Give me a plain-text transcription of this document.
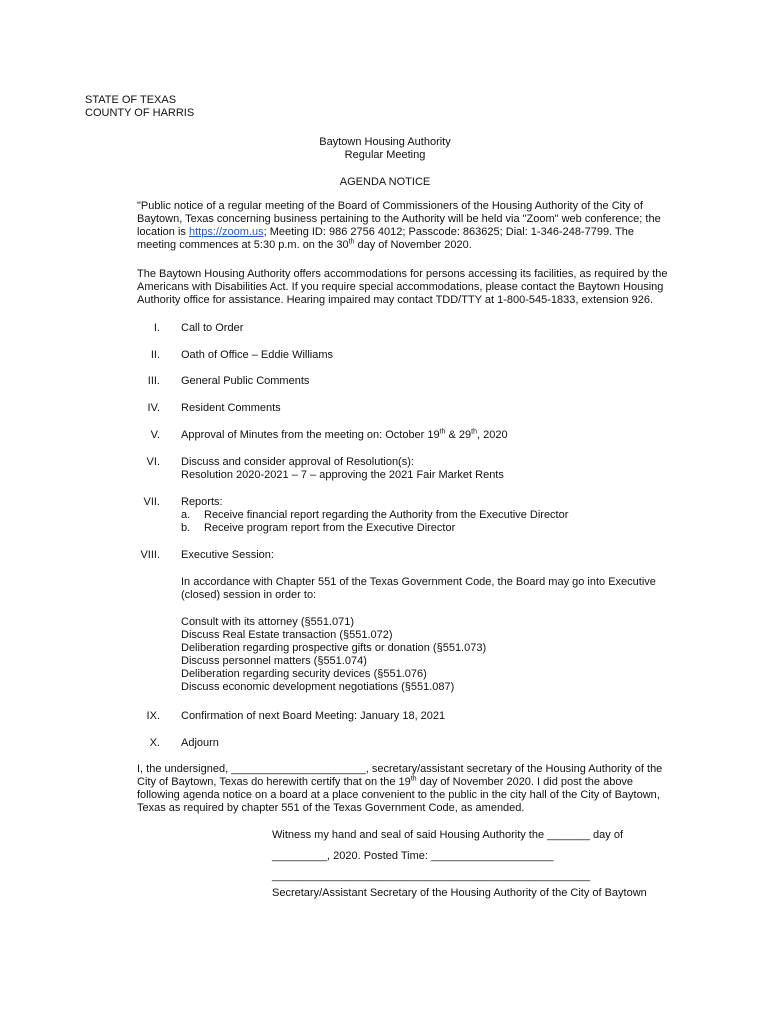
STATE OF TEXAS
COUNTY OF HARRIS
Baytown Housing Authority
Regular Meeting
AGENDA NOTICE
"Public notice of a regular meeting of the Board of Commissioners of the Housing Authority of the City of
Baytown, Texas concerning business pertaining to the Authority will be held via "Zoom" web conference; the
location is https://zoom.us; Meeting ID: 986 2756 4012; Passcode: 863625; Dial: 1-346-248-7799. The
meeting commences at 5:30 p.m. on the 30th day of November 2020.
The Baytown Housing Authority offers accommodations for persons accessing its facilities, as required by the
Americans with Disabilities Act. If you require special accommodations, please contact the Baytown Housing
Authority office for assistance. Hearing impaired may contact TDD/TTY at 1-800-545-1833, extension 926.
I. Call to Order
II. Oath of Office – Eddie Williams
III. General Public Comments
IV. Resident Comments
V. Approval of Minutes from the meeting on: October 19th & 29th, 2020
VI. Discuss and consider approval of Resolution(s):
Resolution 2020-2021 – 7 – approving the 2021 Fair Market Rents
VII. Reports:
a. Receive financial report regarding the Authority from the Executive Director
b. Receive program report from the Executive Director
VIII. Executive Session:
In accordance with Chapter 551 of the Texas Government Code, the Board may go into Executive
(closed) session in order to:
Consult with its attorney (§551.071)
Discuss Real Estate transaction (§551.072)
Deliberation regarding prospective gifts or donation (§551.073)
Discuss personnel matters (§551.074)
Deliberation regarding security devices (§551.076)
Discuss economic development negotiations (§551.087)
IX. Confirmation of next Board Meeting: January 18, 2021
X. Adjourn
I, the undersigned, ______________________, secretary/assistant secretary of the Housing Authority of the
City of Baytown, Texas do herewith certify that on the 19th day of November 2020. I did post the above
following agenda notice on a board at a place convenient to the public in the city hall of the City of Baytown,
Texas as required by chapter 551 of the Texas Government Code, as amended.
Witness my hand and seal of said Housing Authority the _______ day of
_________, 2020. Posted Time: ____________________
____________________________________________________
Secretary/Assistant Secretary of the Housing Authority of the City of Baytown
